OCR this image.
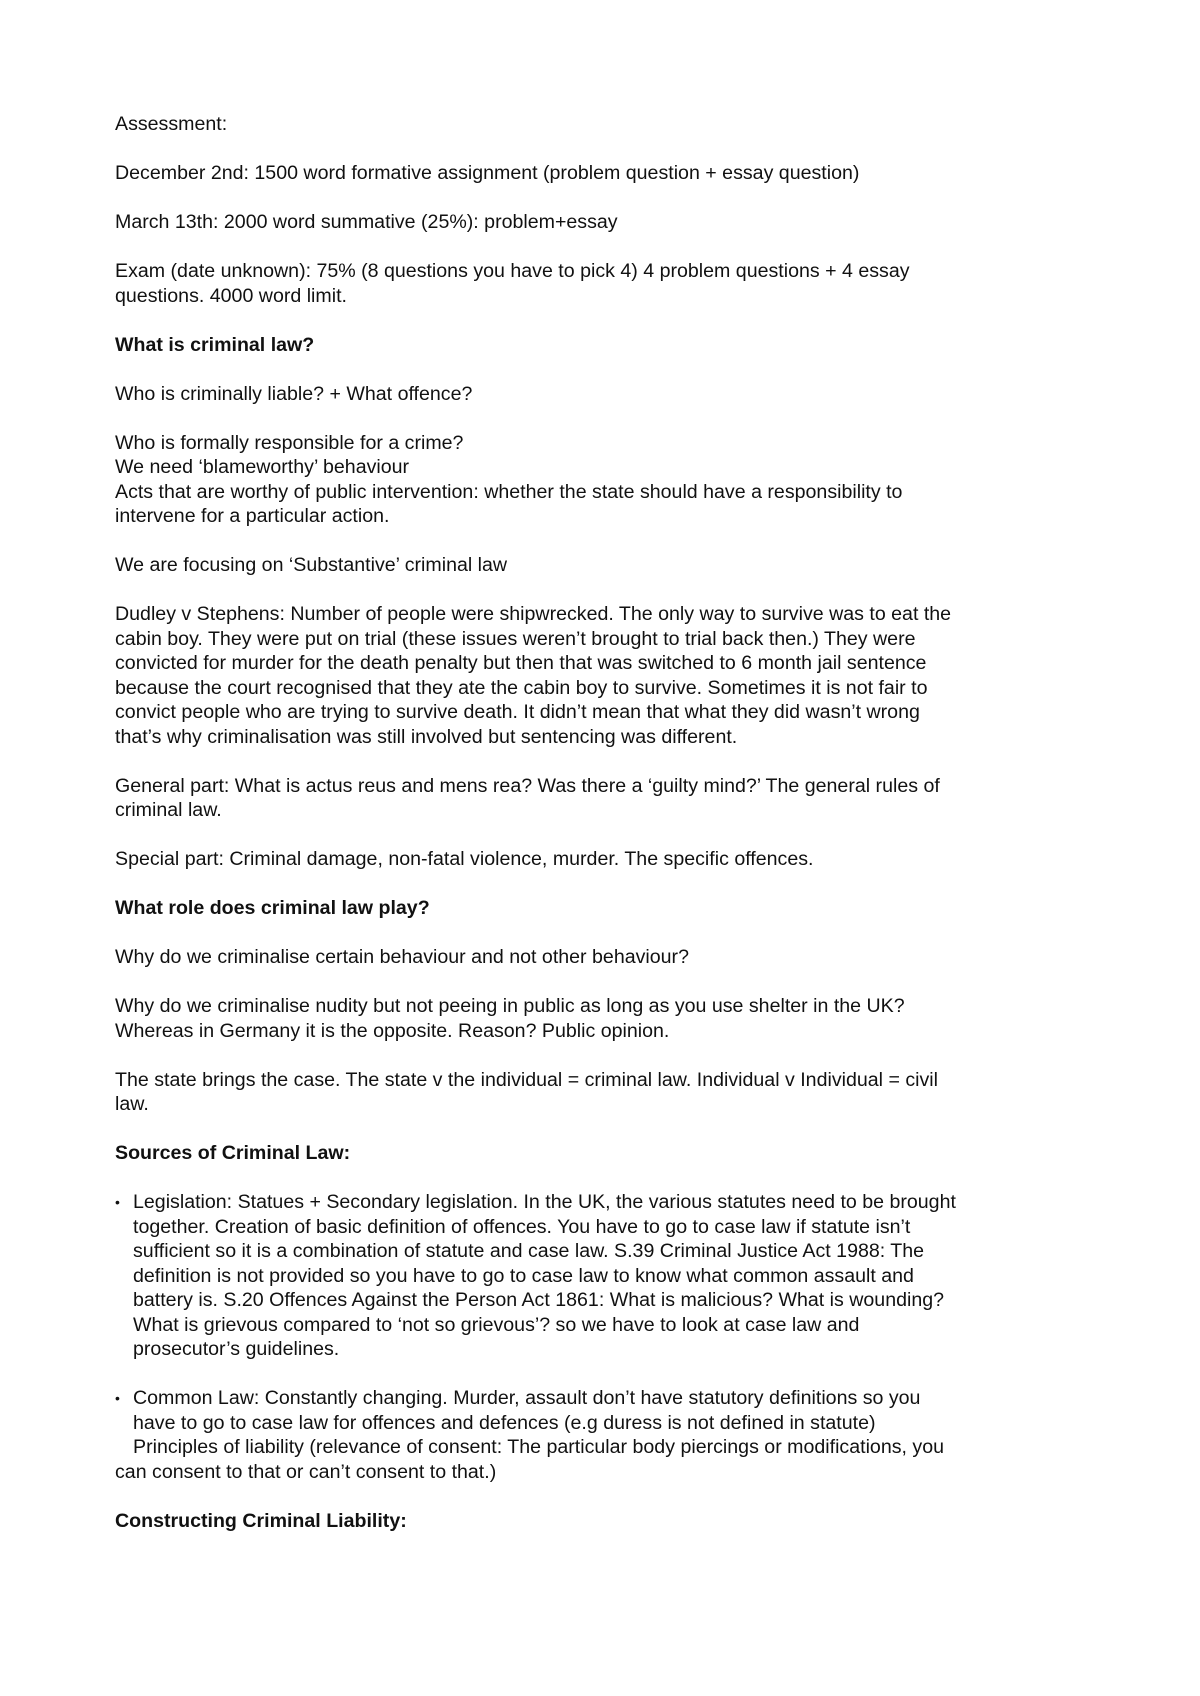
Assessment:
December 2nd: 1500 word formative assignment (problem question + essay question)
March 13th: 2000 word summative (25%): problem+essay
Exam (date unknown): 75% (8 questions you have to pick 4) 4 problem questions + 4 essay
questions. 4000 word limit.
What is criminal law?
Who is criminally liable? + What offence?
Who is formally responsible for a crime?
We need ‘blameworthy’ behaviour
Acts that are worthy of public intervention: whether the state should have a responsibility to
intervene for a particular action.
We are focusing on ‘Substantive’ criminal law
Dudley v Stephens: Number of people were shipwrecked. The only way to survive was to eat the
cabin boy. They were put on trial (these issues weren’t brought to trial back then.) They were
convicted for murder for the death penalty but then that was switched to 6 month jail sentence
because the court recognised that they ate the cabin boy to survive. Sometimes it is not fair to
convict people who are trying to survive death. It didn’t mean that what they did wasn’t wrong
that’s why criminalisation was still involved but sentencing was different.
General part: What is actus reus and mens rea? Was there a ‘guilty mind?’ The general rules of
criminal law.
Special part: Criminal damage, non-fatal violence, murder. The specific offences.
What role does criminal law play?
Why do we criminalise certain behaviour and not other behaviour?
Why do we criminalise nudity but not peeing in public as long as you use shelter in the UK?
Whereas in Germany it is the opposite. Reason? Public opinion.
The state brings the case. The state v the individual = criminal law. Individual v Individual = civil
law.
Sources of Criminal Law:
• Legislation: Statues + Secondary legislation. In the UK, the various statutes need to be brought
together. Creation of basic definition of offences. You have to go to case law if statute isn’t
sufficient so it is a combination of statute and case law. S.39 Criminal Justice Act 1988: The
definition is not provided so you have to go to case law to know what common assault and
battery is. S.20 Offences Against the Person Act 1861: What is malicious? What is wounding?
What is grievous compared to ‘not so grievous’? so we have to look at case law and
prosecutor’s guidelines.
• Common Law: Constantly changing. Murder, assault don’t have statutory definitions so you
have to go to case law for offences and defences (e.g duress is not defined in statute)
Principles of liability (relevance of consent: The particular body piercings or modifications, you
can consent to that or can’t consent to that.)
Constructing Criminal Liability:
